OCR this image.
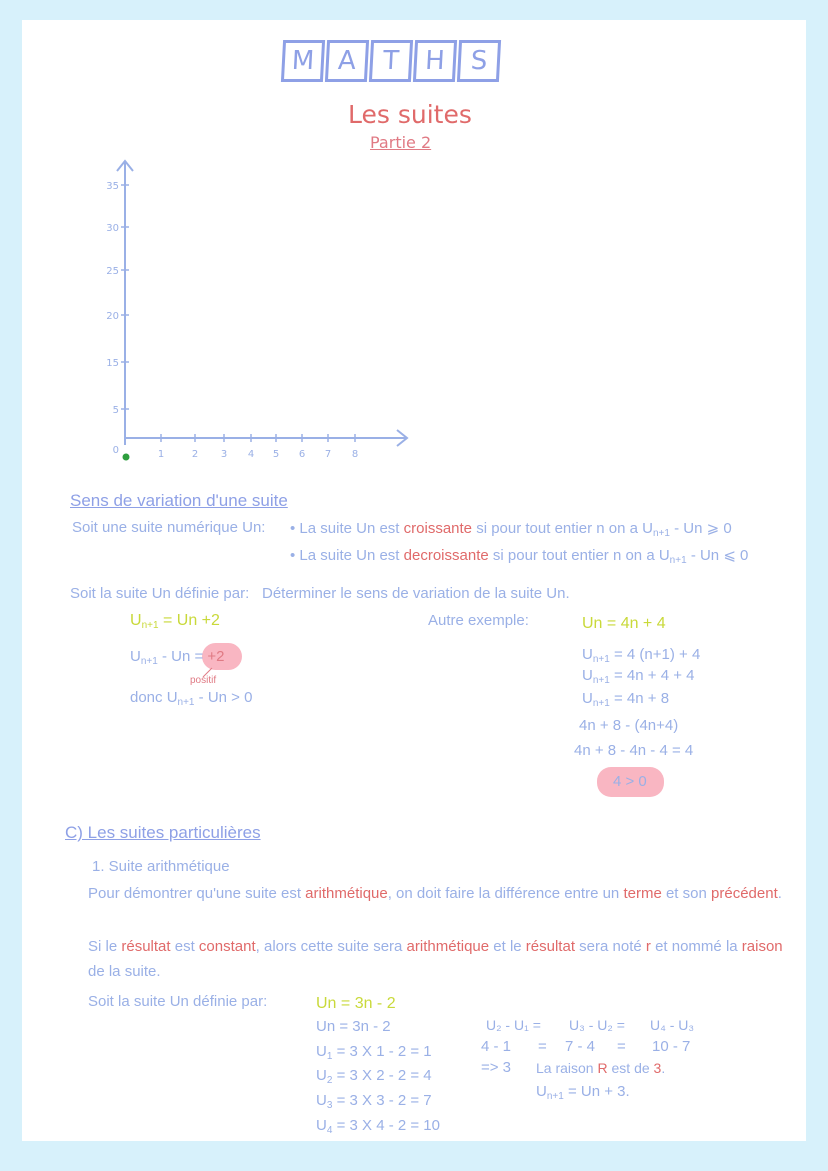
M A T H S
Les suites
Partie 2
35
30
25
20
15
5
0	1	2 3 4 5 6 7 8
Sens de variation d'une suite
Soit une suite numérique Un: • La suite Un est croissante si pour tout entier n on a $U_{n+1}$ - Un ⩾ 0
• La suite Un est decroissante si pour tout entier n on a $U_{n+1}$ - Un ⩽ 0
Soit la suite Un définie par: Déterminer le sens de variation de la suite Un.
$U_{n+1} = Un +2$
$U_{n+1} - Un = +2$
positif
donc $U_{n+1} - Un > 0$
Autre exemple:	Un = 4n + 4
$U_{n+1} = 4$ (n+1) + 4
$U_{n+1} = 4n + 4 + 4$
$U_{n+1} = 4n + 8$
4n + 8 - (4n+4)
4n + 8 - 4n - 4 = 4
4 > 0
C) Les suites particulières
1. Suite arithmétique
Pour démontrer qu'une suite est arithmétique, on doit faire la différence entre un terme et son précédent.
Si le résultat est constant, alors cette suite sera arithmétique et le résultat sera noté r et nommé la raison de la suite.
Soit la suite Un définie par:	Un = 3n - 2
Un = 3n - 2
$U_1 = 3$ X 1 - 2 = 1
$U_2 = 3$ X 2 - 2 = 4
$U_3 = 3$ X 3 - 2 = 7
$U_4 = 3$ X 4 - 2 = 10
U₂ - U₁ = U₃ - U₂ = U₄ - U₃
4 - 1 = 7 - 4 = 10 - 7
=> 3 La raison R est de 3.
$U_{n+1} = Un + 3$.
